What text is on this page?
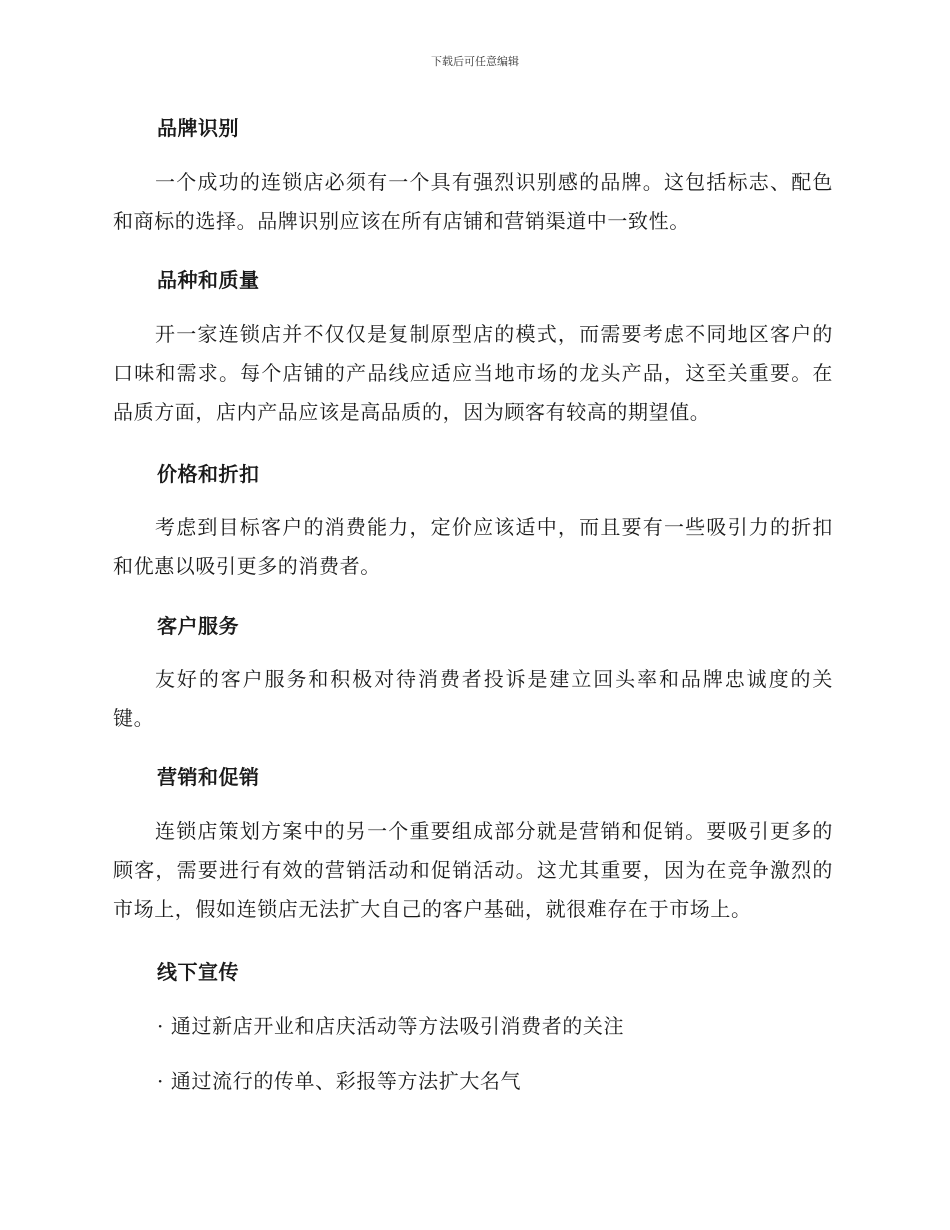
下载后可任意编辑
品牌识别

一个成功的连锁店必须有一个具有强烈识别感的品牌。这包括标志、配色和商标的选择。品牌识别应该在所有店铺和营销渠道中一致性。

品种和质量

开一家连锁店并不仅仅是复制原型店的模式，而需要考虑不同地区客户的口味和需求。每个店铺的产品线应适应当地市场的龙头产品，这至关重要。在品质方面，店内产品应该是高品质的，因为顾客有较高的期望值。

价格和折扣

考虑到目标客户的消费能力，定价应该适中，而且要有一些吸引力的折扣和优惠以吸引更多的消费者。

客户服务

友好的客户服务和积极对待消费者投诉是建立回头率和品牌忠诚度的关键。

营销和促销

连锁店策划方案中的另一个重要组成部分就是营销和促销。要吸引更多的顾客，需要进行有效的营销活动和促销活动。这尤其重要，因为在竞争激烈的市场上，假如连锁店无法扩大自己的客户基础，就很难存在于市场上。

线下宣传

· 通过新店开业和店庆活动等方法吸引消费者的关注

· 通过流行的传单、彩报等方法扩大名气
